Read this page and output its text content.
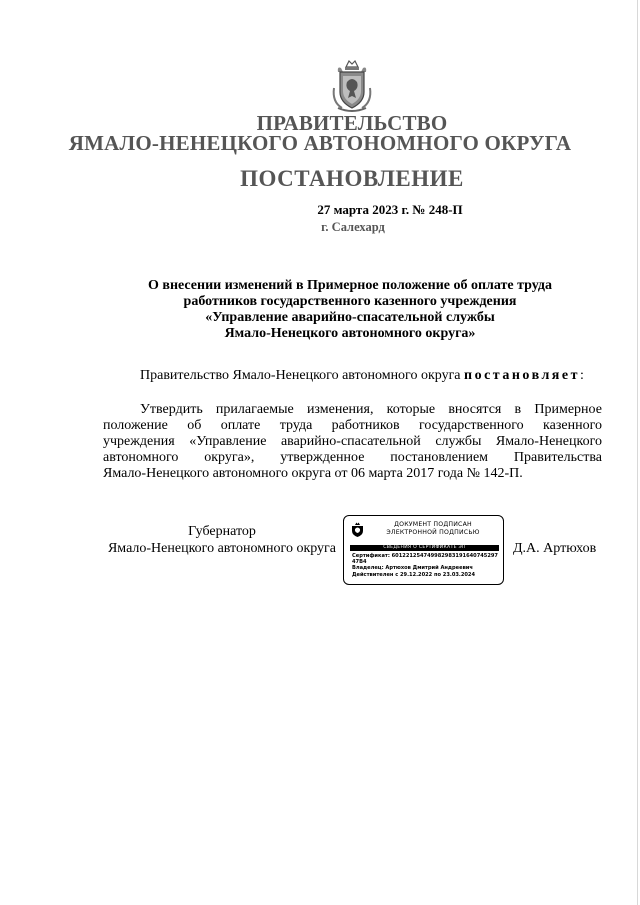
ПРАВИТЕЛЬСТВО
ЯМАЛО-НЕНЕЦКОГО АВТОНОМНОГО ОКРУГА
ПОСТАНОВЛЕНИЕ
27 марта 2023 г. № 248-П
г. Салехард
О внесении изменений в Примерное положение об оплате труда
работников государственного казенного учреждения
«Управление аварийно-спасательной службы
Ямало-Ненецкого автономного округа»
Правительство Ямало-Ненецкого автономного округа постановляет:
Утвердить прилагаемые изменения, которые вносятся в Примерное
положение об оплате труда работников государственного казенного
учреждения «Управление аварийно-спасательной службы Ямало-Ненецкого
автономного округа», утвержденное постановлением Правительства
Ямало-Ненецкого автономного округа от 06 марта 2017 года № 142-П.
Губернатор
Ямало-Ненецкого автономного округа
ДОКУМЕНТ ПОДПИСАН
ЭЛЕКТРОННОЙ ПОДПИСЬЮ
СВЕДЕНИЯ О СЕРТИФИКАТЕ ЭП
Сертификат: 601221254749982983191640745297
47B4
Владелец: Артюхов Дмитрий Андреевич
Действителен с 29.12.2022 по 23.03.2024
Д.А. Артюхов
